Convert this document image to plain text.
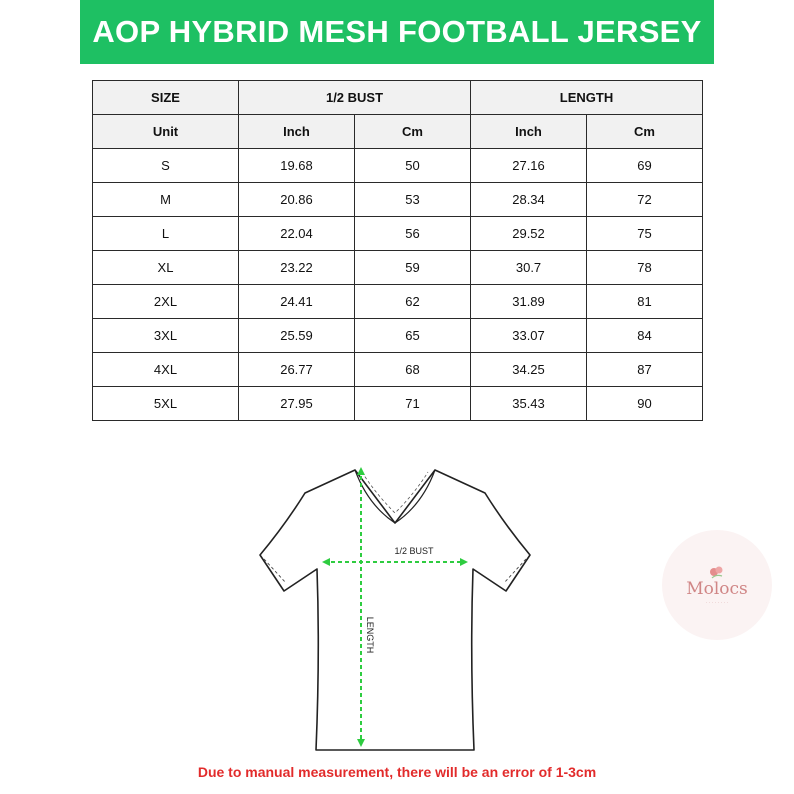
AOP HYBRID MESH FOOTBALL JERSEY
SIZE	1/2 BUST		LENGTH	
Unit	Inch	Cm	Inch	Cm
S	19.68	50	27.16	69
M	20.86	53	28.34	72
L	22.04	56	29.52	75
XL	23.22	59	30.7	78
2XL	24.41	62	31.89	81
3XL	25.59	65	33.07	84
4XL	26.77	68	34.25	87
5XL	27.95	71	35.43	90
1/2 BUST
LENGTH
Molocs
· · · · · · · ·
Due to manual measurement, there will be an error of 1-3cm
